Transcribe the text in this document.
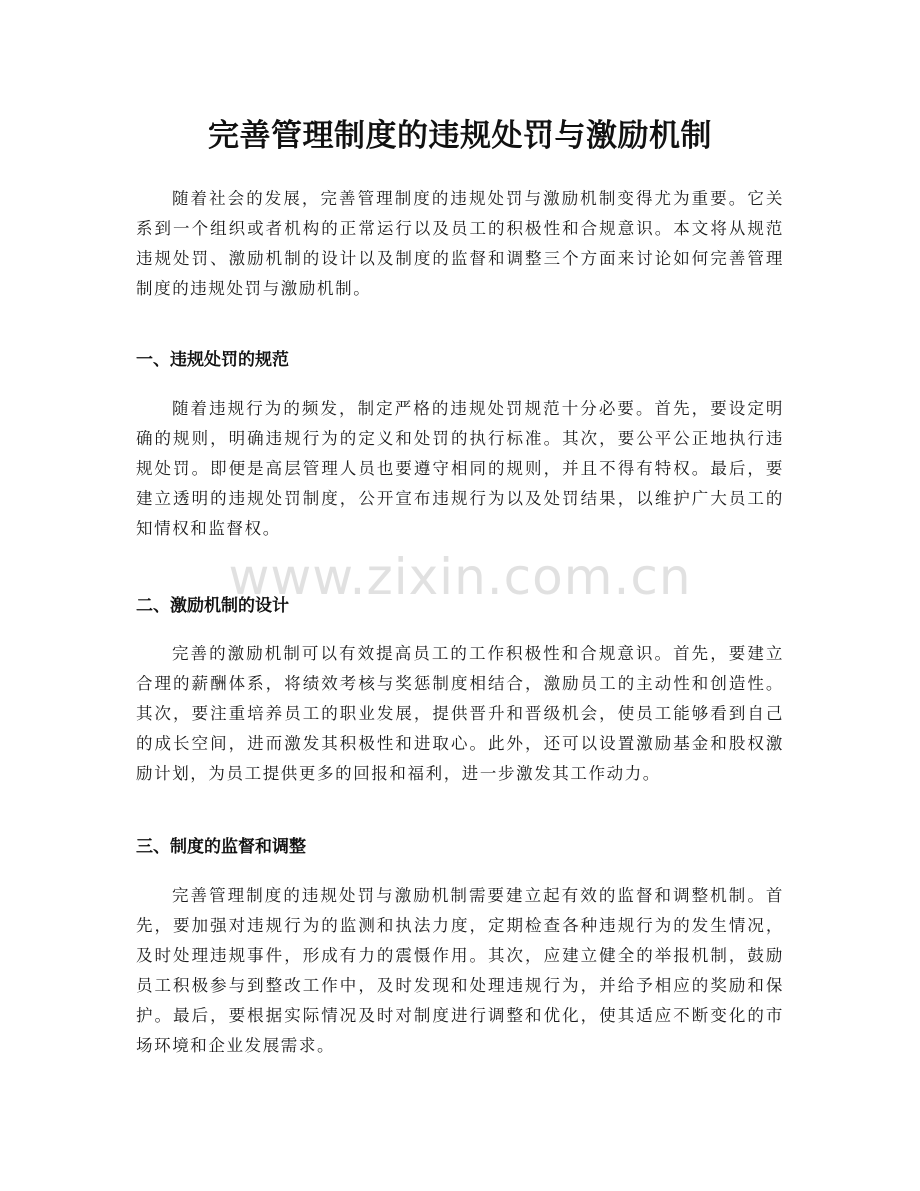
完善管理制度的违规处罚与激励机制

随着社会的发展，完善管理制度的违规处罚与激励机制变得尤为重要。它关系到一个组织或者机构的正常运行以及员工的积极性和合规意识。本文将从规范违规处罚、激励机制的设计以及制度的监督和调整三个方面来讨论如何完善管理制度的违规处罚与激励机制。

一、违规处罚的规范

随着违规行为的频发，制定严格的违规处罚规范十分必要。首先，要设定明确的规则，明确违规行为的定义和处罚的执行标准。其次，要公平公正地执行违规处罚。即便是高层管理人员也要遵守相同的规则，并且不得有特权。最后，要建立透明的违规处罚制度，公开宣布违规行为以及处罚结果，以维护广大员工的知情权和监督权。

二、激励机制的设计

完善的激励机制可以有效提高员工的工作积极性和合规意识。首先，要建立合理的薪酬体系，将绩效考核与奖惩制度相结合，激励员工的主动性和创造性。其次，要注重培养员工的职业发展，提供晋升和晋级机会，使员工能够看到自己的成长空间，进而激发其积极性和进取心。此外，还可以设置激励基金和股权激励计划，为员工提供更多的回报和福利，进一步激发其工作动力。

三、制度的监督和调整

完善管理制度的违规处罚与激励机制需要建立起有效的监督和调整机制。首先，要加强对违规行为的监测和执法力度，定期检查各种违规行为的发生情况，及时处理违规事件，形成有力的震慑作用。其次，应建立健全的举报机制，鼓励员工积极参与到整改工作中，及时发现和处理违规行为，并给予相应的奖励和保护。最后，要根据实际情况及时对制度进行调整和优化，使其适应不断变化的市场环境和企业发展需求。

www.zixin.com.cn
